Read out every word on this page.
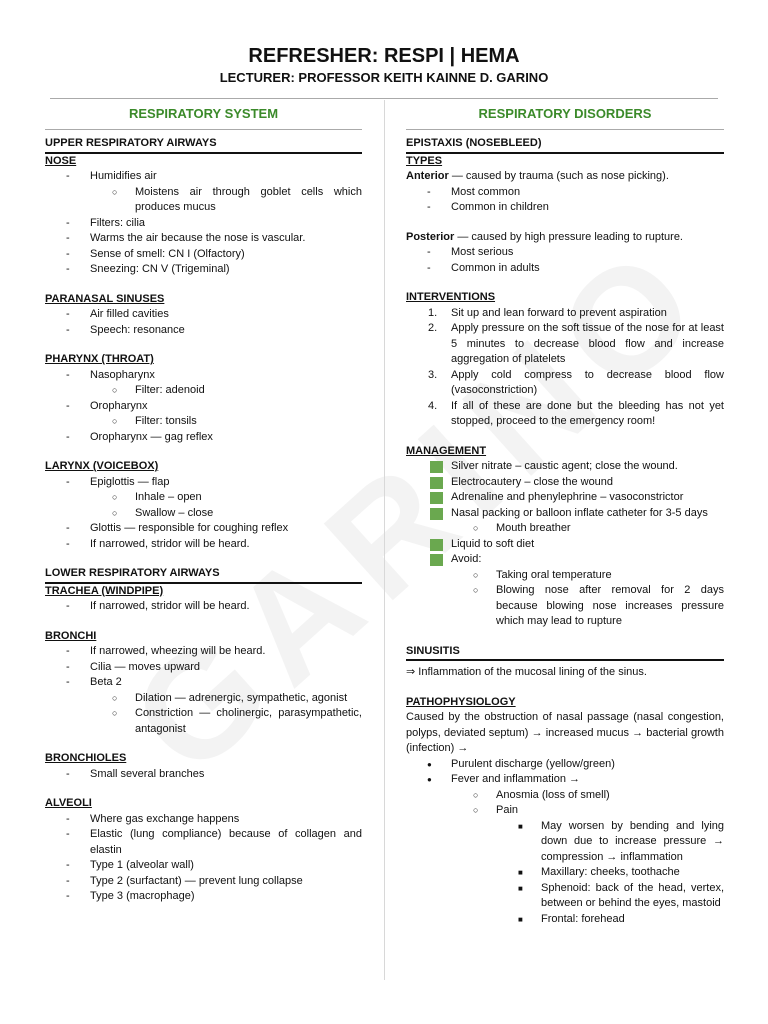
REFRESHER: RESPI | HEMA
LECTURER: PROFESSOR KEITH KAINNE D. GARINO
RESPIRATORY SYSTEM
UPPER RESPIRATORY AIRWAYS
NOSE
- Humidifies air
○ Moistens air through goblet cells which produces mucus
- Filters: cilia
- Warms the air because the nose is vascular.
- Sense of smell: CN I (Olfactory)
- Sneezing: CN V (Trigeminal)
PARANASAL SINUSES
- Air filled cavities
- Speech: resonance
PHARYNX (THROAT)
- Nasopharynx
○ Filter: adenoid
- Oropharynx
○ Filter: tonsils
- Oropharynx — gag reflex
LARYNX (VOICEBOX)
- Epiglottis — flap
○ Inhale – open
○ Swallow – close
- Glottis — responsible for coughing reflex
- If narrowed, stridor will be heard.
LOWER RESPIRATORY AIRWAYS
TRACHEA (WINDPIPE)
- If narrowed, stridor will be heard.
BRONCHI
- If narrowed, wheezing will be heard.
- Cilia — moves upward
- Beta 2
○ Dilation — adrenergic, sympathetic, agonist
○ Constriction — cholinergic, parasympathetic, antagonist
BRONCHIOLES
- Small several branches
ALVEOLI
- Where gas exchange happens
- Elastic (lung compliance) because of collagen and elastin
- Type 1 (alveolar wall)
- Type 2 (surfactant) — prevent lung collapse
- Type 3 (macrophage)
RESPIRATORY DISORDERS
EPISTAXIS (NOSEBLEED)
TYPES
Anterior — caused by trauma (such as nose picking).
- Most common
- Common in children
Posterior — caused by high pressure leading to rupture.
- Most serious
- Common in adults
INTERVENTIONS
1. Sit up and lean forward to prevent aspiration
2. Apply pressure on the soft tissue of the nose for at least 5 minutes to decrease blood flow and increase aggregation of platelets
3. Apply cold compress to decrease blood flow (vasoconstriction)
4. If all of these are done but the bleeding has not yet stopped, proceed to the emergency room!
MANAGEMENT
Silver nitrate – caustic agent; close the wound.
Electrocautery – close the wound
Adrenaline and phenylephrine – vasoconstrictor
Nasal packing or balloon inflate catheter for 3-5 days
○ Mouth breather
Liquid to soft diet
Avoid:
○ Taking oral temperature
○ Blowing nose after removal for 2 days because blowing nose increases pressure which may lead to rupture
SINUSITIS
⇒ Inflammation of the mucosal lining of the sinus.
PATHOPHYSIOLOGY
Caused by the obstruction of nasal passage (nasal congestion, polyps, deviated septum) → increased mucus → bacterial growth (infection) →
● Purulent discharge (yellow/green)
● Fever and inflammation →
○ Anosmia (loss of smell)
○ Pain
■ May worsen by bending and lying down due to increase pressure → compression → inflammation
■ Maxillary: cheeks, toothache
■ Sphenoid: back of the head, vertex, between or behind the eyes, mastoid
■ Frontal: forehead
